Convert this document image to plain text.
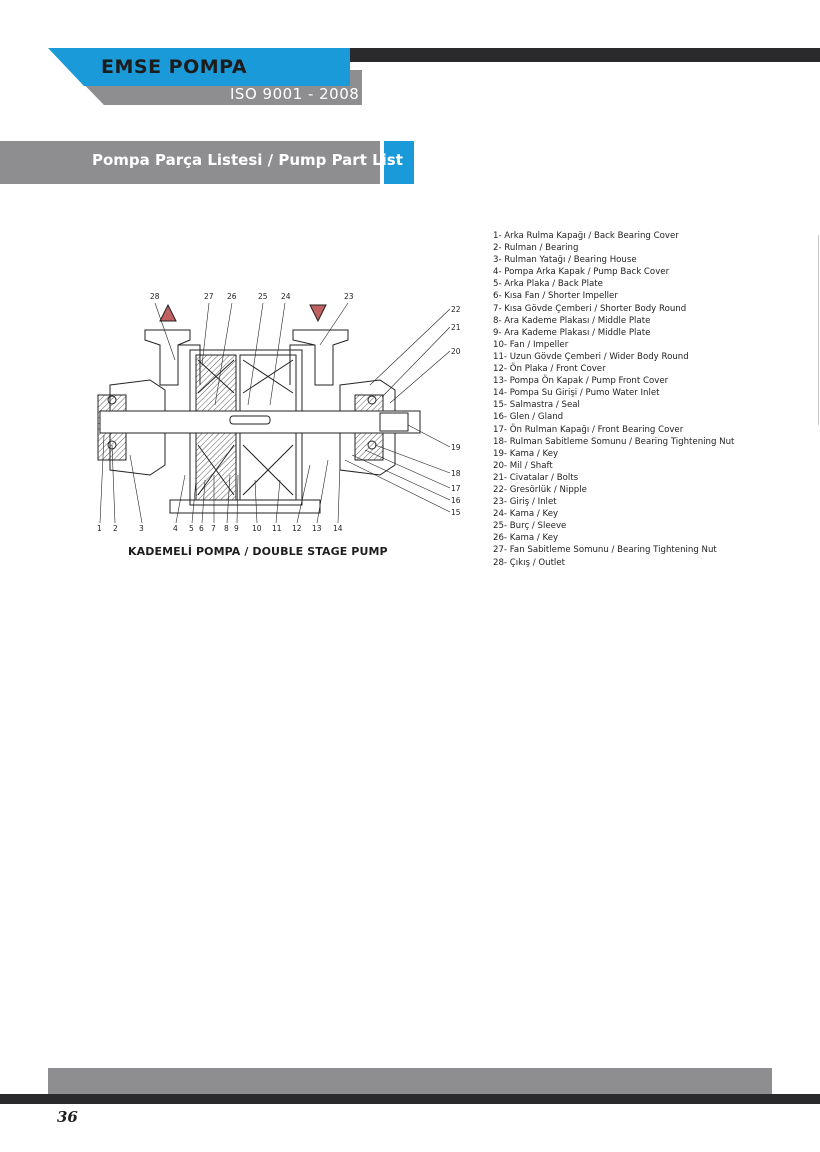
EMSE POMPA
ISO 9001 - 2008
Pompa Parça Listesi / Pump Part List
28	27 26	25 24	23
22
21
20
19
18
17
16
15
1 2	3	4 5 6 7 8 9 10 11 12 13 14
KADEMELİ POMPA / DOUBLE STAGE PUMP
1- Arka Rulma Kapağı / Back Bearing Cover
2- Rulman / Bearing
3- Rulman Yatağı / Bearing House
4- Pompa Arka Kapak / Pump Back Cover
5- Arka Plaka / Back Plate
6- Kısa Fan / Shorter Impeller
7- Kısa Gövde Çemberi / Shorter Body Round
8- Ara Kademe Plakası / Middle Plate
9- Ara Kademe Plakası / Middle Plate
10- Fan / Impeller
11- Uzun Gövde Çemberi / Wider Body Round
12- Ön Plaka / Front Cover
13- Pompa Ön Kapak / Pump Front Cover
14- Pompa Su Girişi / Pumo Water Inlet
15- Salmastra / Seal
16- Glen / Gland
17- Ön Rulman Kapağı / Front Bearing Cover
18- Rulman Sabitleme Somunu / Bearing Tightening Nut
19- Kama / Key
20- Mil / Shaft
21- Civatalar / Bolts
22- Gresörlük / Nipple
23- Giriş / Inlet
24- Kama / Key
25- Burç / Sleeve
26- Kama / Key
27- Fan Sabitleme Somunu / Bearing Tightening Nut
28- Çıkış / Outlet
36
